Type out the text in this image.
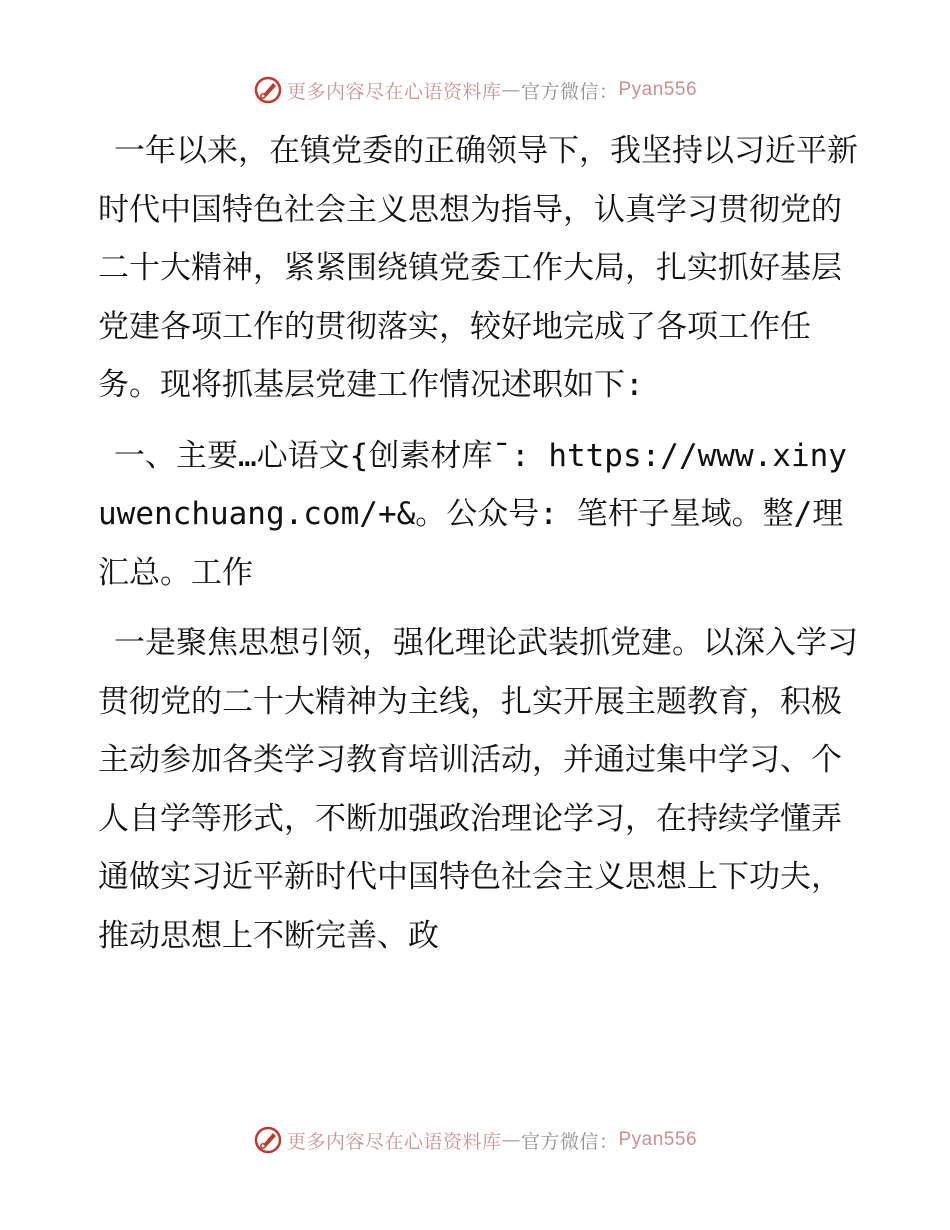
更多内容尽在心语资料库 — 官方微信： Pyan556

一年以来，在镇党委的正确领导下，我坚持以习近平新时代中国特色社会主义思想为指导，认真学习贯彻党的二十大精神，紧紧围绕镇党委工作大局，扎实抓好基层党建各项工作的贯彻落实，较好地完成了各项工作任务。现将抓基层党建工作情况述职如下:

一、主要…心语文{创素材库¯: https://www.xinyuwenchuang.com/+&。公众号: 笔杆子星域。整/理汇总。工作

一是聚焦思想引领，强化理论武装抓党建。以深入学习贯彻党的二十大精神为主线，扎实开展主题教育，积极主动参加各类学习教育培训活动，并通过集中学习、个人自学等形式，不断加强政治理论学习，在持续学懂弄通做实习近平新时代中国特色社会主义思想上下功夫，推动思想上不断完善、政

更多内容尽在心语资料库 — 官方微信： Pyan556
